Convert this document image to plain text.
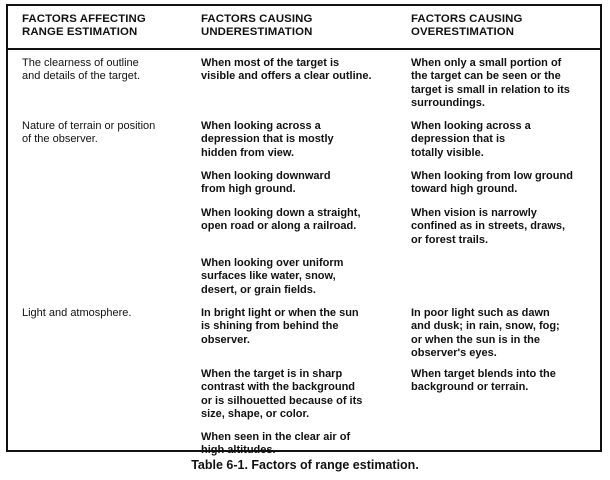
FACTORS AFFECTING
RANGE ESTIMATION
FACTORS CAUSING
UNDERESTIMATION
FACTORS CAUSING
OVERESTIMATION
The clearness of outline
and details of the target.
When most of the target is
visible and offers a clear outline.
When only a small portion of
the target can be seen or the
target is small in relation to its
surroundings.
Nature of terrain or position
of the observer.
When looking across a
depression that is mostly
hidden from view.
When looking downward
from high ground.
When looking down a straight,
open road or along a railroad.
When looking over uniform
surfaces like water, snow,
desert, or grain fields.
When looking across a
depression that is
totally visible.
When looking from low ground
toward high ground.
When vision is narrowly
confined as in streets, draws,
or forest trails.
Light and atmosphere.	In bright light or when the sun
is shining from behind the
observer.
When the target is in sharp
contrast with the background
or is silhouetted because of its
size, shape, or color.
When seen in the clear air of
high altitudes.
In poor light such as dawn
and dusk; in rain, snow, fog;
or when the sun is in the
observer's eyes.
When target blends into the
background or terrain.
Table 6-1. Factors of range estimation.
